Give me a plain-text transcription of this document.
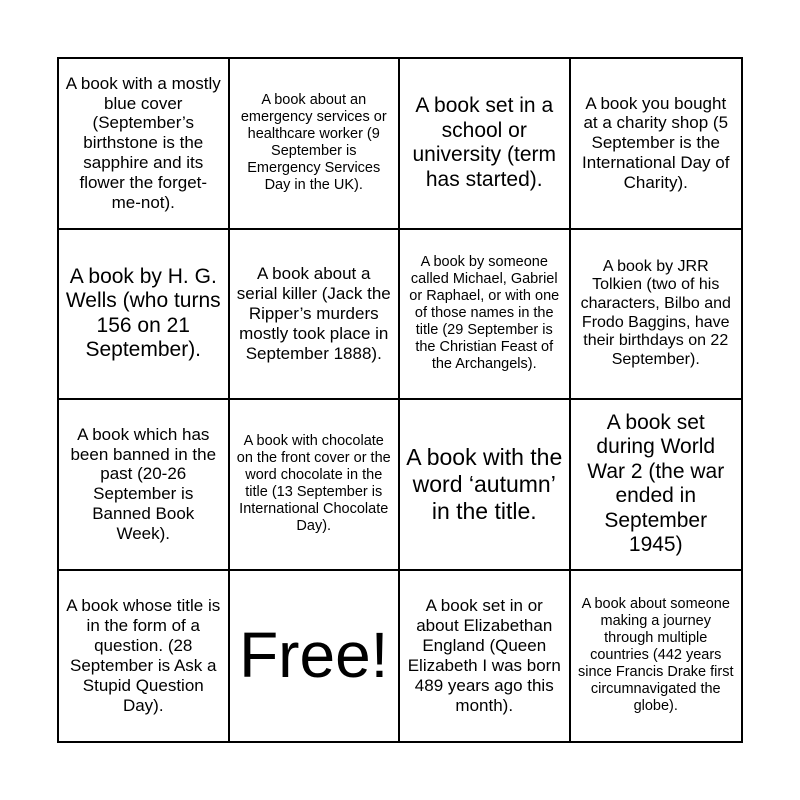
A book with a mostly blue cover (September’s birthstone is the sapphire and its flower the forget-me-not).
A book about an emergency services or healthcare worker (9 September is Emergency Services Day in the UK).
A book set in a school or university (term has started).
A book you bought at a charity shop (5 September is the International Day of Charity).
A book by H. G. Wells (who turns 156 on 21 September).
A book about a serial killer (Jack the Ripper’s murders mostly took place in September 1888).
A book by someone called Michael, Gabriel or Raphael, or with one of those names in the title (29 September is the Christian Feast of the Archangels).
A book by JRR Tolkien (two of his characters, Bilbo and Frodo Baggins, have their birthdays on 22 September).
A book which has been banned in the past (20-26 September is Banned Book Week).
A book with chocolate on the front cover or the word chocolate in the title (13 September is International Chocolate Day).
A book with the word ‘autumn’ in the title.
A book set during World War 2 (the war ended in September 1945)
A book whose title is in the form of a question. (28 September is Ask a Stupid Question Day).
Free!
A book set in or about Elizabethan England (Queen Elizabeth I was born 489 years ago this month).
A book about someone making a journey through multiple countries (442 years since Francis Drake first circumnavigated the globe).
